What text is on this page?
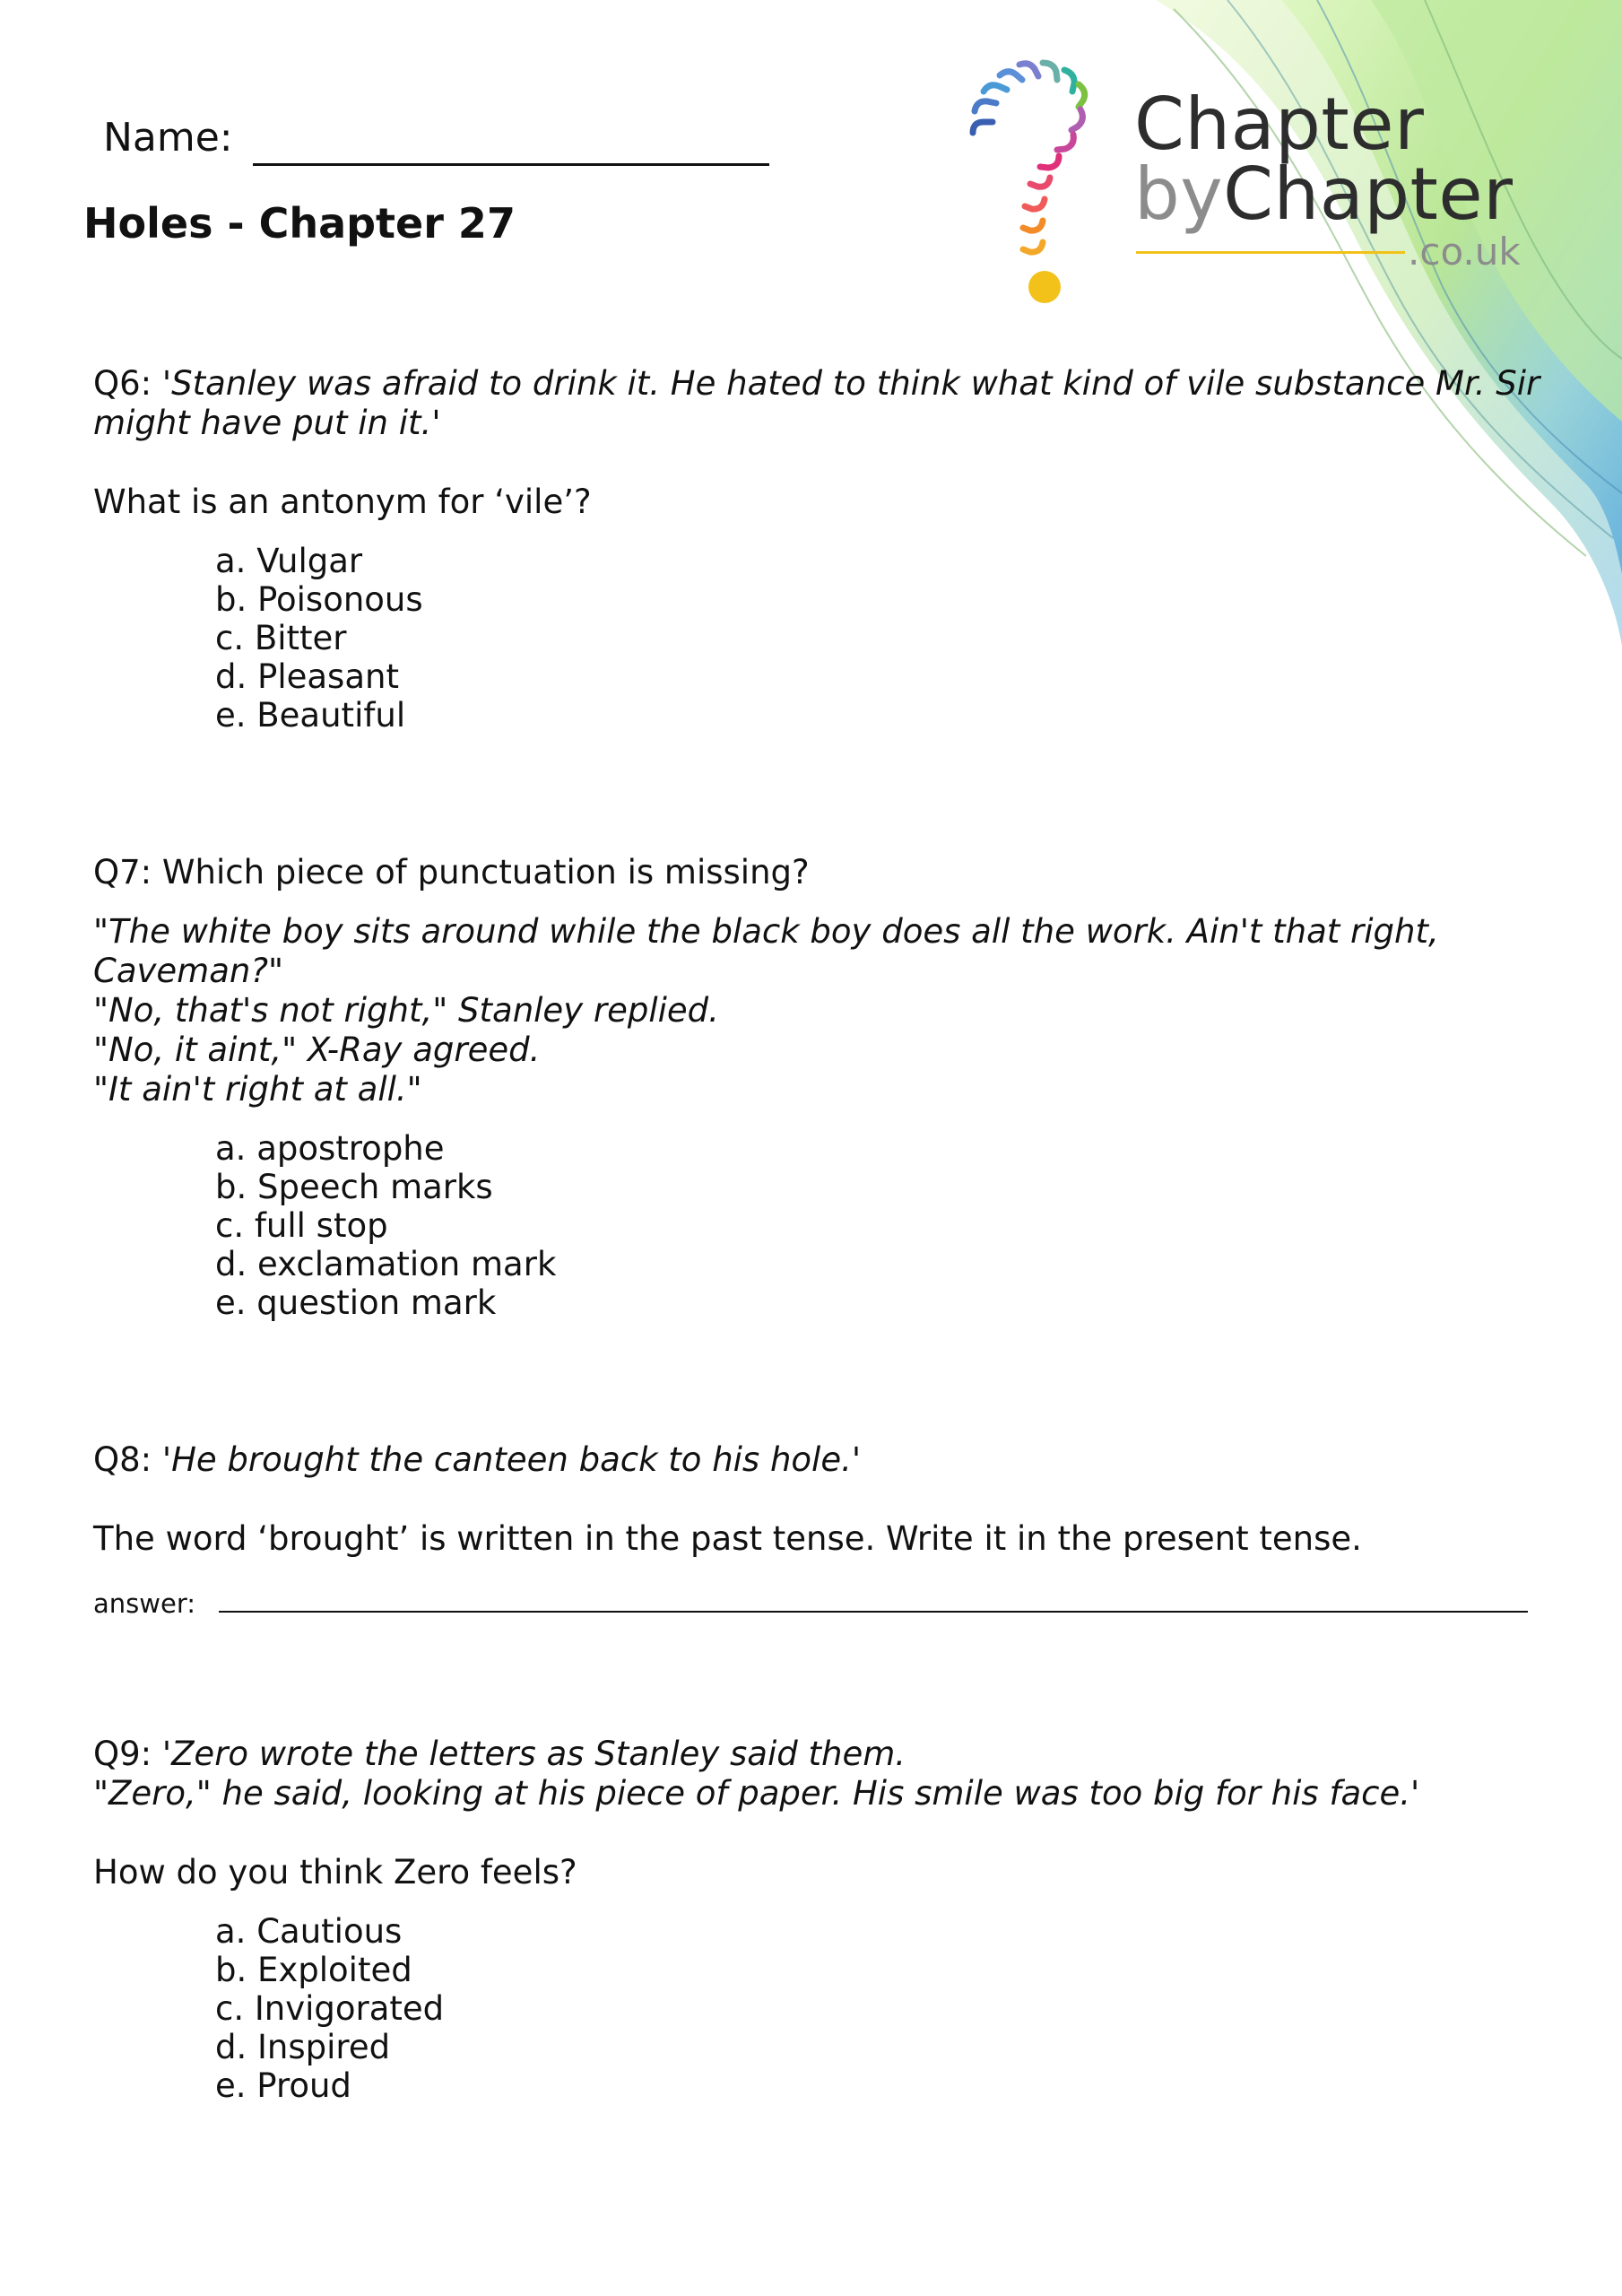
Chapter
byChapter
.co.uk
Name:
Holes - Chapter 27

Q6: 'Stanley was afraid to drink it. He hated to think what kind of vile substance Mr. Sir

might have put in it.'

What is an antonym for ‘vile’?

a. Vulgar
b. Poisonous
c. Bitter
d. Pleasant
e. Beautiful

Q7: Which piece of punctuation is missing?

"The white boy sits around while the black boy does all the work. Ain't that right,

Caveman?"

"No, that's not right," Stanley replied.

"No, it aint," X-Ray agreed.

"It ain't right at all."

a. apostrophe
b. Speech marks
c. full stop
d. exclamation mark
e. question mark

Q8: 'He brought the canteen back to his hole.'

The word ‘brought’ is written in the past tense. Write it in the present tense.

answer:

Q9: 'Zero wrote the letters as Stanley said them.

"Zero," he said, looking at his piece of paper. His smile was too big for his face.'

How do you think Zero feels?

a. Cautious
b. Exploited
c. Invigorated
d. Inspired
e. Proud
